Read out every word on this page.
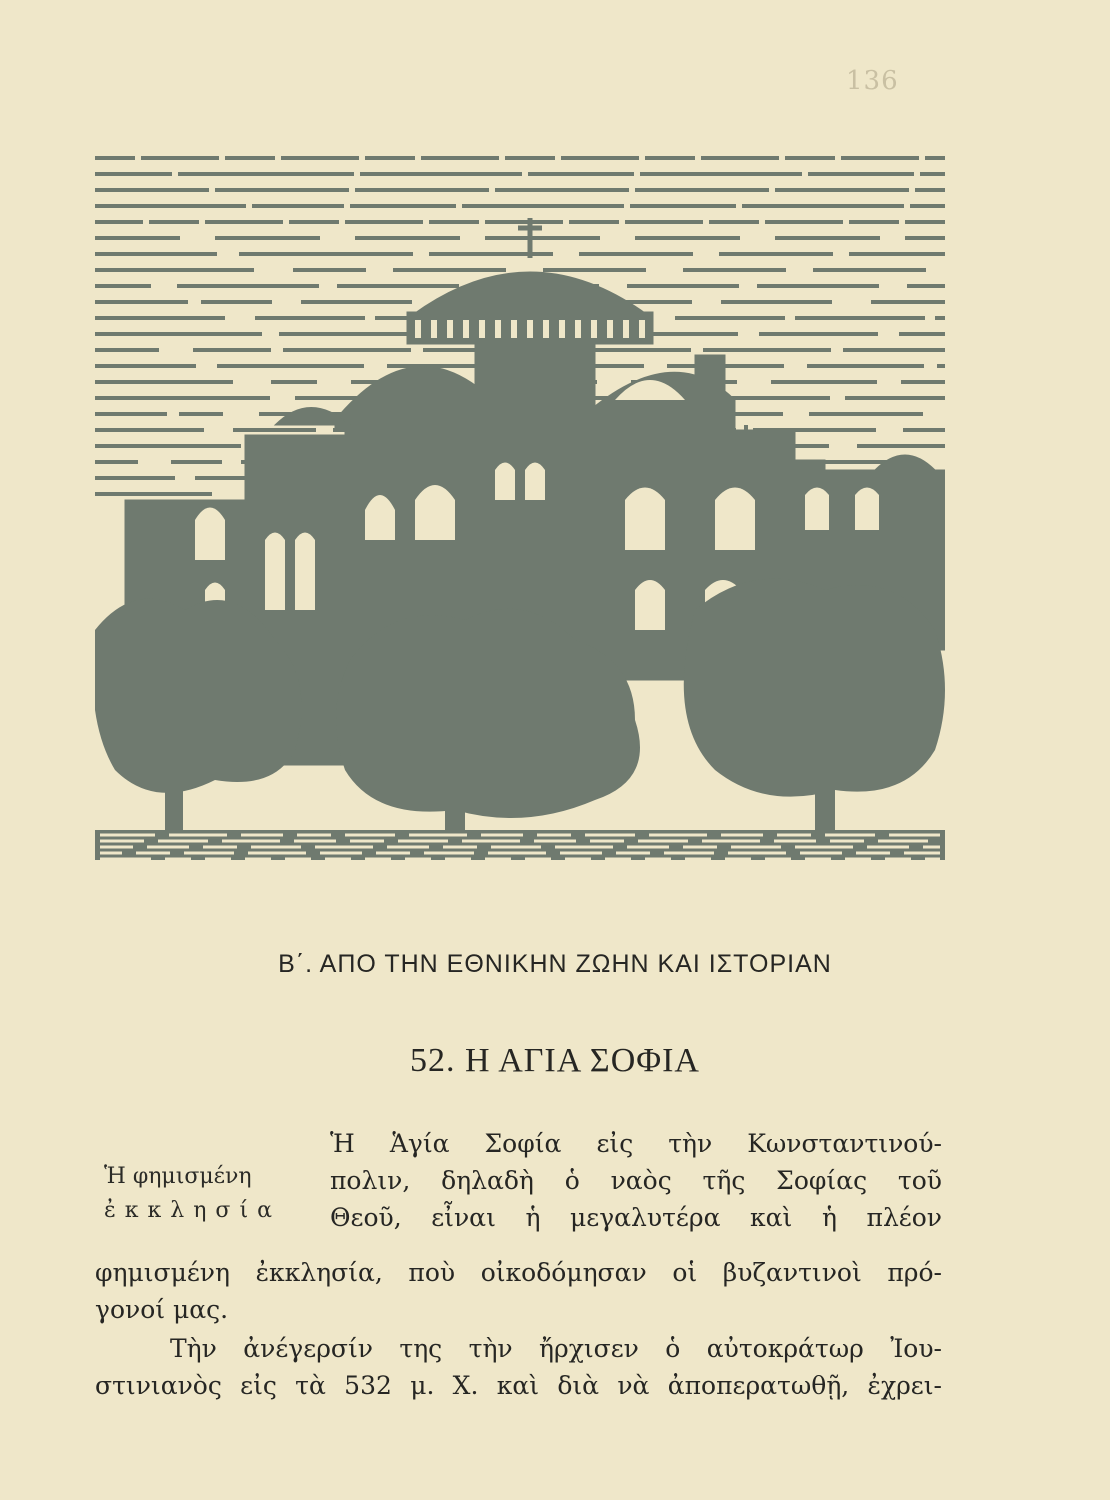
136
Β΄. ΑΠΟ ΤΗΝ ΕΘΝΙΚΗΝ ΖΩΗΝ ΚΑΙ ΙΣΤΟΡΙΑΝ
52. Η ΑΓΙΑ ΣΟΦΙΑ
Ἡ φημισμένη
ἐκκλησία
Ἡ Ἁγία Σοφία εἰς τὴν Κωνσταντινού-
πολιν, δηλαδὴ ὁ ναὸς τῆς Σοφίας τοῦ
Θεοῦ, εἶναι ἡ μεγαλυτέρα καὶ ἡ πλέον
φημισμένη ἐκκλησία, ποὺ οἰκοδόμησαν οἱ βυζαντινοὶ πρό-
γονοί μας.
Τὴν ἀνέγερσίν της τὴν ἤρχισεν ὁ αὐτοκράτωρ Ἰου-
στινιανὸς εἰς τὰ 532 μ. Χ. καὶ διὰ νὰ ἀποπερατωθῇ, ἐχρει-
